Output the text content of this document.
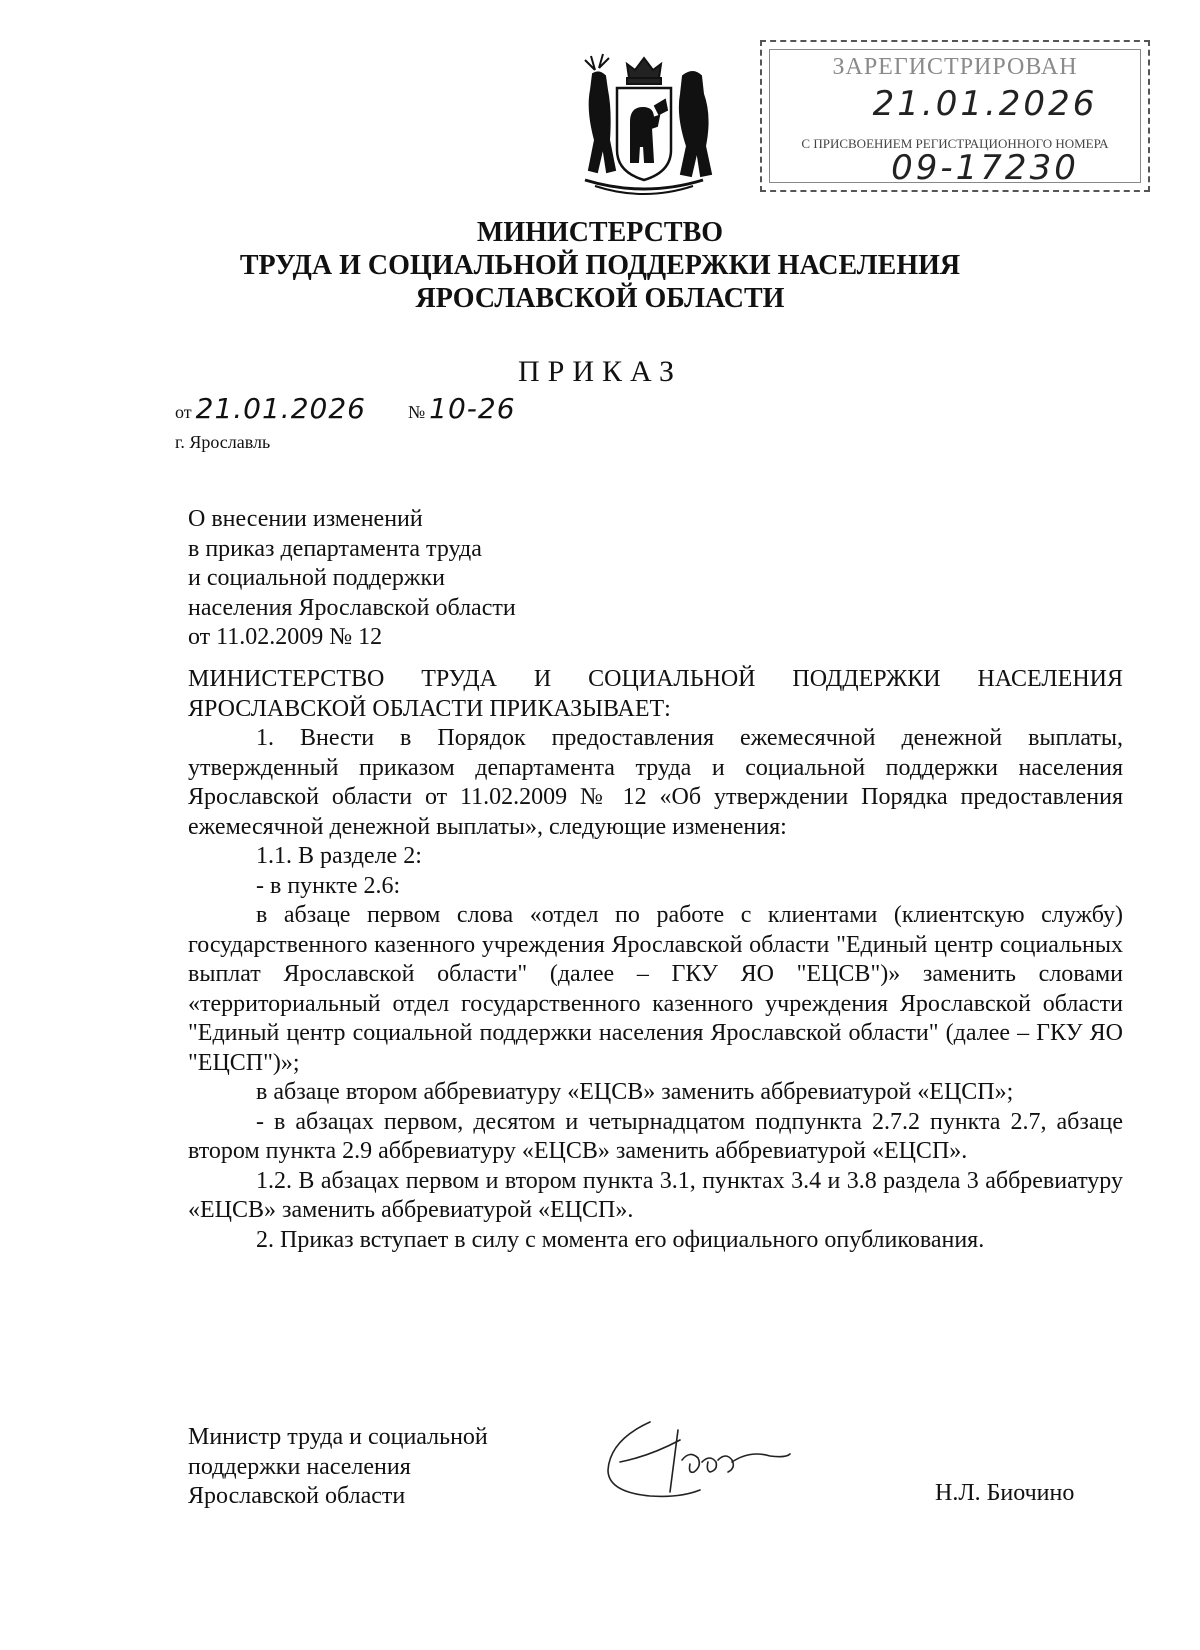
ЗАРЕГИСТРИРОВАН
21.01.2026
С ПРИСВОЕНИЕМ РЕГИСТРАЦИОННОГО НОМЕРА
09-17230
МИНИСТЕРСТВО
ТРУДА И СОЦИАЛЬНОЙ ПОДДЕРЖКИ НАСЕЛЕНИЯ
ЯРОСЛАВСКОЙ ОБЛАСТИ
ПРИКАЗ
от 21.01.2026 № 10-26
г. Ярославль
О внесении изменений
в приказ департамента труда
и социальной поддержки
населения Ярославской области
от 11.02.2009 № 12

МИНИСТЕРСТВО ТРУДА И СОЦИАЛЬНОЙ ПОДДЕРЖКИ НАСЕЛЕНИЯ ЯРОСЛАВСКОЙ ОБЛАСТИ ПРИКАЗЫВАЕТ:

1. Внести в Порядок предоставления ежемесячной денежной выплаты, утвержденный приказом департамента труда и социальной поддержки населения Ярославской области от 11.02.2009 № 12 «Об утверждении Порядка предоставления ежемесячной денежной выплаты», следующие изменения:

1.1. В разделе 2:

- в пункте 2.6:

в абзаце первом слова «отдел по работе с клиентами (клиентскую службу) государственного казенного учреждения Ярославской области "Единый центр социальных выплат Ярославской области" (далее – ГКУ ЯО "ЕЦСВ")» заменить словами «территориальный отдел государственного казенного учреждения Ярославской области "Единый центр социальной поддержки населения Ярославской области" (далее – ГКУ ЯО "ЕЦСП")»;

в абзаце втором аббревиатуру «ЕЦСВ» заменить аббревиатурой «ЕЦСП»;

- в абзацах первом, десятом и четырнадцатом подпункта 2.7.2 пункта 2.7, абзаце втором пункта 2.9 аббревиатуру «ЕЦСВ» заменить аббревиатурой «ЕЦСП».

1.2. В абзацах первом и втором пункта 3.1, пунктах 3.4 и 3.8 раздела 3 аббревиатуру «ЕЦСВ» заменить аббревиатурой «ЕЦСП».

2. Приказ вступает в силу с момента его официального опубликования.

Министр труда и социальной
поддержки населения
Ярославской области	Н.Л. Биочино
